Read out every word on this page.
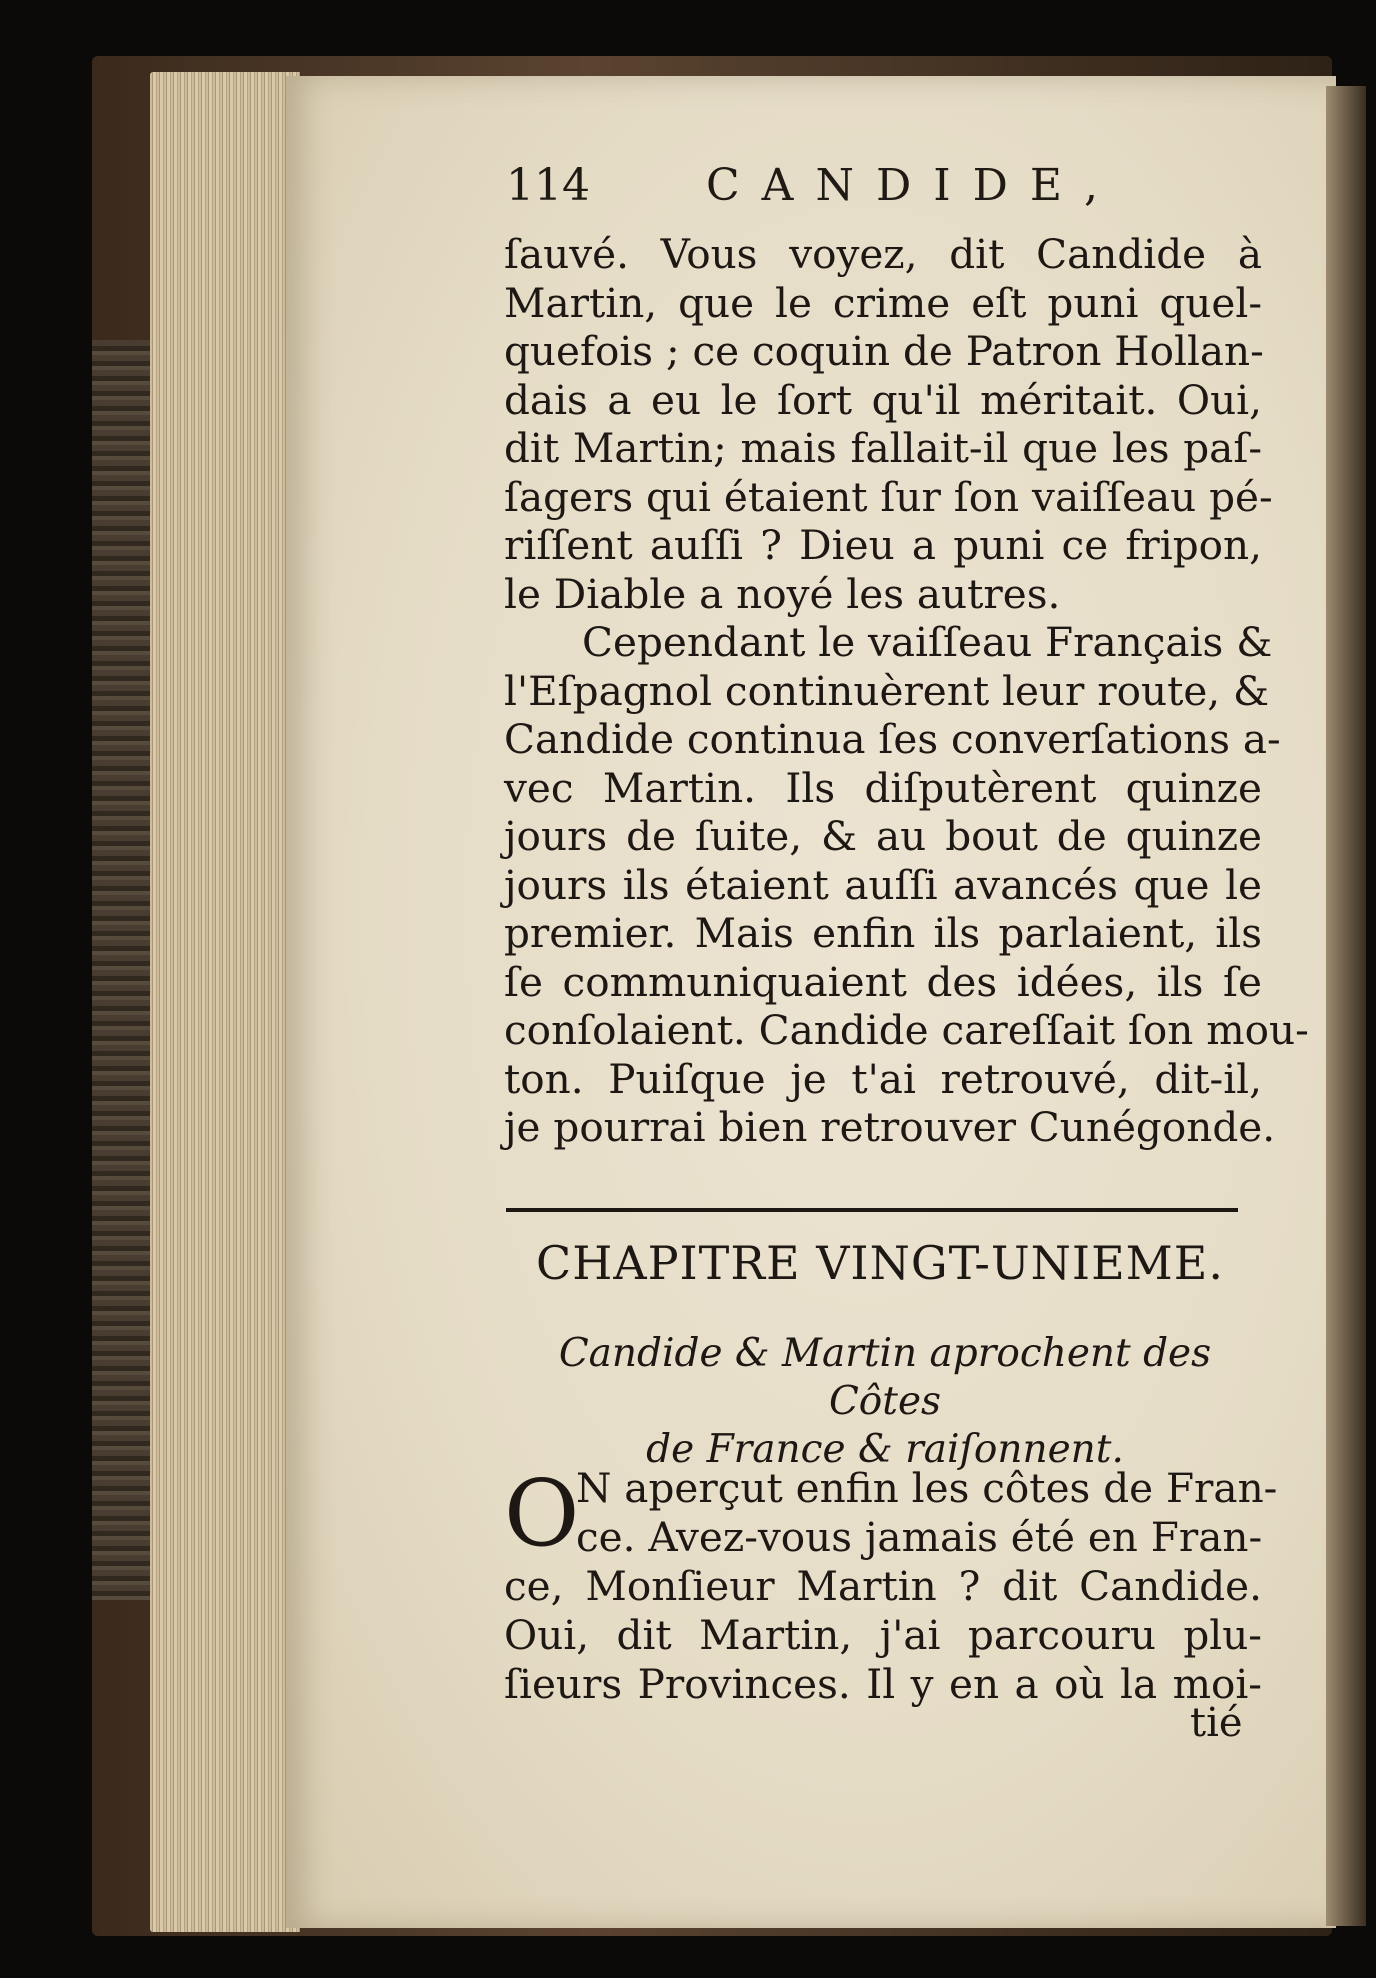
114	CANDIDE,
ſauvé. Vous voyez, dit Candide à
Martin, que le crime eſt puni quel-
quefois ; ce coquin de Patron Hollan-
dais a eu le ſort qu'il méritait. Oui,
dit Martin; mais fallait-il que les paſ-
ſagers qui étaient ſur ſon vaiſſeau pé-
riſſent auſſi ? Dieu a puni ce fripon,
le Diable a noyé les autres.
Cependant le vaiſſeau Français &
l'Eſpagnol continuèrent leur route, &
Candide continua ſes converſations a-
vec Martin. Ils diſputèrent quinze
jours de ſuite, & au bout de quinze
jours ils étaient auſſi avancés que le
premier. Mais enfin ils parlaient, ils
ſe communiquaient des idées, ils ſe
conſolaient. Candide careſſait ſon mou-
ton. Puiſque je t'ai retrouvé, dit-il,
je pourrai bien retrouver Cunégonde.
CHAPITRE VINGT-UNIEME.
Candide & Martin aprochent des Côtes
de France & raiſonnent.
O
N aperçut enfin les côtes de Fran-
ce. Avez-vous jamais été en Fran-
ce, Monſieur Martin ? dit Candide.
Oui, dit Martin, j'ai parcouru plu-
ſieurs Provinces. Il y en a où la moi-
tié
